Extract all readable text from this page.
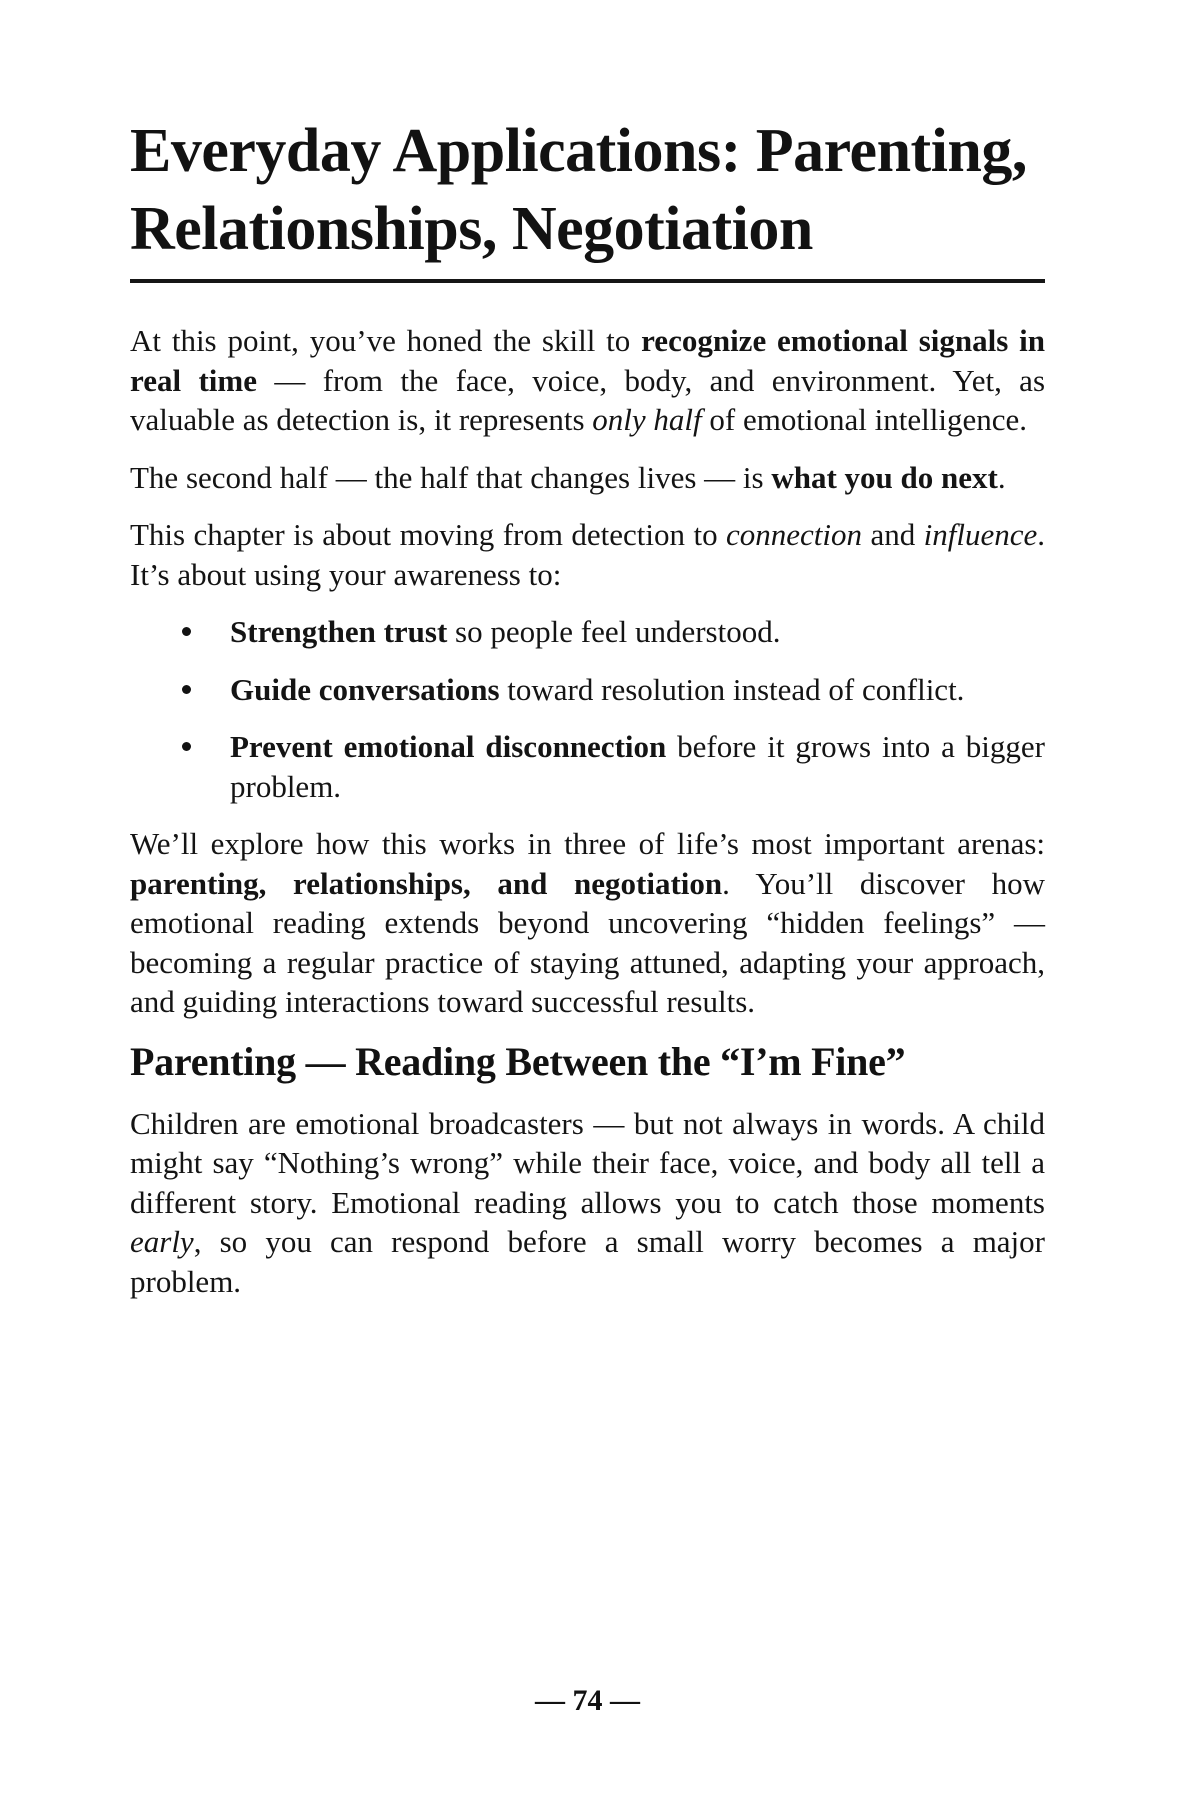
Everyday Applications: Parenting, Relationships, Negotiation

At this point, you’ve honed the skill to recognize emotional signals in real time — from the face, voice, body, and environment. Yet, as valuable as detection is, it represents only half of emotional intelligence.

The second half — the half that changes lives — is what you do next.

This chapter is about moving from detection to connection and influence. It’s about using your awareness to:

Strengthen trust so people feel understood.
Guide conversations toward resolution instead of conflict.
Prevent emotional disconnection before it grows into a bigger problem.

We’ll explore how this works in three of life’s most important arenas: parenting, relationships, and negotiation. You’ll discover how emotional reading extends beyond uncovering “hidden feelings” — becoming a regular practice of staying attuned, adapting your approach, and guiding interactions toward successful results.

Parenting — Reading Between the “I’m Fine”

Children are emotional broadcasters — but not always in words. A child might say “Nothing’s wrong” while their face, voice, and body all tell a different story. Emotional reading allows you to catch those moments early, so you can respond before a small worry becomes a major problem.

— 74 —
